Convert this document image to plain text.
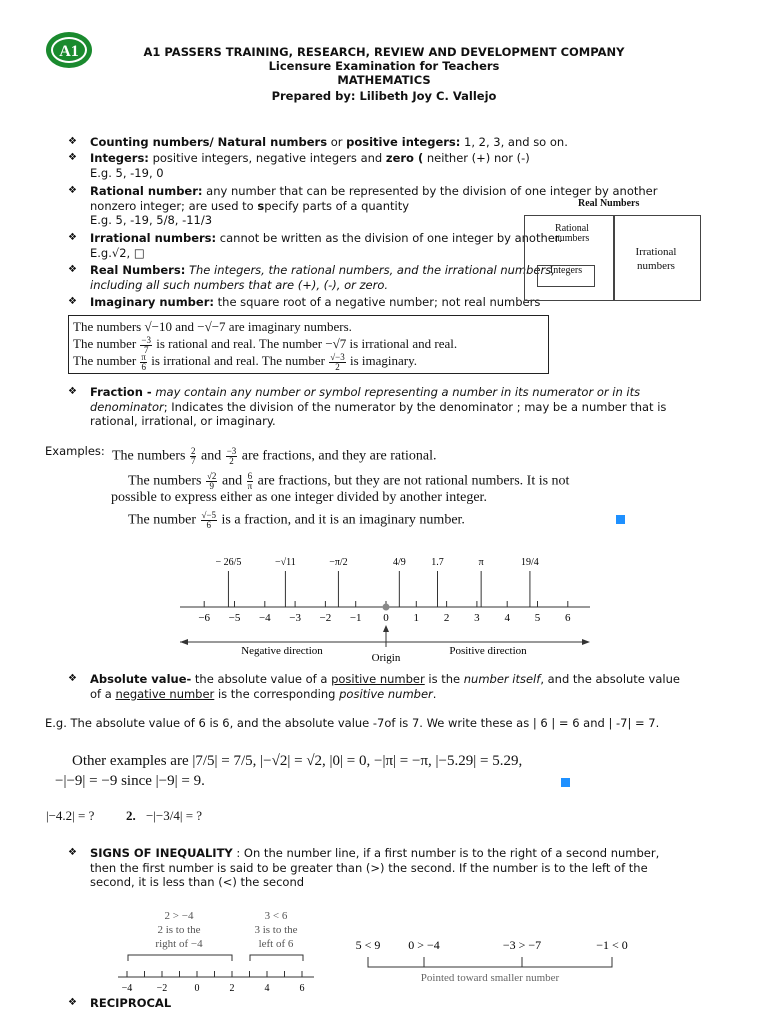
A1	A1 PASSERS TRAINING, RESEARCH, REVIEW AND DEVELOPMENT COMPANY
Licensure Examination for Teachers
MATHEMATICS
Prepared by: Lilibeth Joy C. Vallejo
❖ Counting numbers/ Natural numbers or positive integers: 1, 2, 3, and so on.
❖ Integers: positive integers, negative integers and zero ( neither (+) nor (-)
E.g. 5, -19, 0
❖ Rational number: any number that can be represented by the division of one integer by another
nonzero integer; are used to specify parts of a quantity
E.g. 5, -19, 5/8, -11/3
❖ Irrational numbers: cannot be written as the division of one integer by another.
E.g.√2, □
❖ Real Numbers: The integers, the rational numbers, and the irrational numbers,
including all such numbers that are (+), (-), or zero.
❖ Imaginary number: the square root of a negative number; not real numbers
Real Numbers
Rational numbers
Integers
Irrational numbers
The numbers √−10 and −√−7 are imaginary numbers.
The number $\frac{-3}{7}$ is rational and real. The number −√7 is irrational and real.
The number $\frac{\pi}{6}$ is irrational and real. The number $\frac{√-3}{2}$ is imaginary.
❖ Fraction - may contain any number or symbol representing a number in its numerator or in its
denominator; Indicates the division of the numerator by the denominator ; may be a number that is
rational, irrational, or imaginary.
Examples: The numbers $\frac{2}{7}$ and $\frac{-3}{2}$ are fractions, and they are rational.
The numbers $\frac{√2}{9}$ and $\frac{6}{\pi}$ are fractions, but they are not rational numbers. It is not
possible to express either as one integer divided by another integer.
The number $\frac{√-5}{6}$ is a fraction, and it is an imaginary number.
−6 −5 −4 −3 −2 −1 0 1 2 3 4 5 6
− 26/5	−√11	−π/2	4/9	1.7	π	19/4
Negative direction	Positive direction
Origin
❖ Absolute value- the absolute value of a positive number is the number itself, and the absolute value
of a negative number is the corresponding positive number.
E.g. The absolute value of 6 is 6, and the absolute value -7of is 7. We write these as | 6 | = 6 and | -7| = 7.
Other examples are |7/5| = 7/5, |−√2| = √2, |0| = 0, −|π| = −π, |−5.29| = 5.29,
−|−9| = −9 since |−9| = 9.
|−4.2| = ? 2. −|−3/4| = ?
❖ SIGNS OF INEQUALITY : On the number line, if a first number is to the right of a second number,
then the first number is said to be greater than (>) the second. If the number is to the left of the
second, it is less than (<) the second
2 > −4
2 is to the
right of −4
3 < 6
3 is to the
left of 6
−4 −2	0	2	4	6
5 < 9 0 > −4	−3 > −7	−1 < 0
Pointed toward smaller number
❖ RECIPROCAL
